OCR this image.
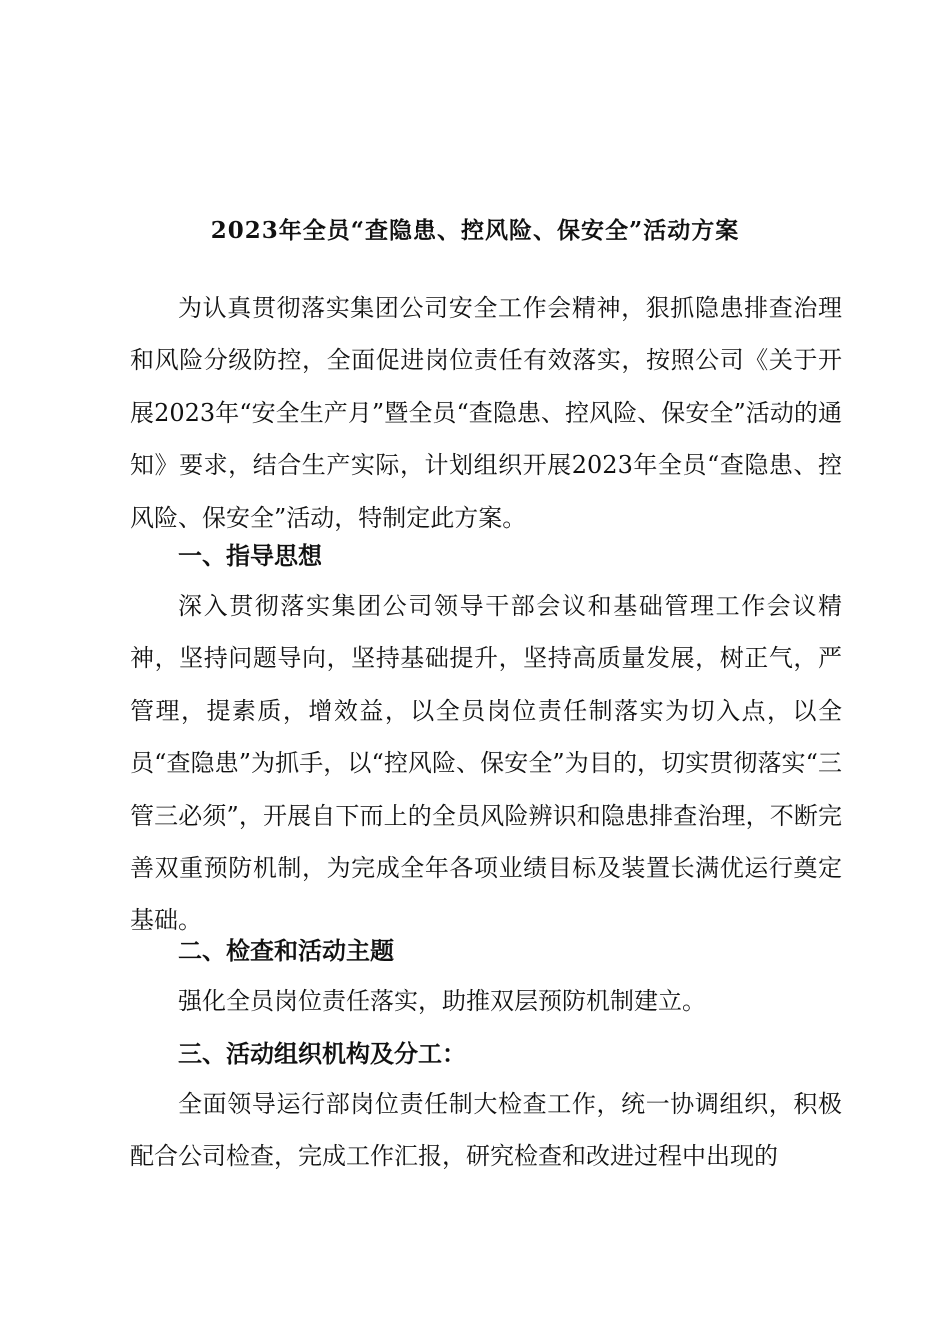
2023年全员“查隐患、控风险、保安全”活动方案
为认真贯彻落实集团公司安全工作会精神，狠抓隐患排查治理和风险分级防控，全面促进岗位责任有效落实，按照公司《关于开展2023年“安全生产月”暨全员“查隐患、控风险、保安全”活动的通知》要求，结合生产实际，计划组织开展2023年全员“查隐患、控风险、保安全”活动，特制定此方案。
一、指导思想
深入贯彻落实集团公司领导干部会议和基础管理工作会议精神，坚持问题导向，坚持基础提升，坚持高质量发展，树正气，严管理，提素质，增效益，以全员岗位责任制落实为切入点，以全员“查隐患”为抓手，以“控风险、保安全”为目的，切实贯彻落实“三管三必须”，开展自下而上的全员风险辨识和隐患排查治理，不断完善双重预防机制，为完成全年各项业绩目标及装置长满优运行奠定基础。
二、检查和活动主题
强化全员岗位责任落实，助推双层预防机制建立。
三、活动组织机构及分工：
全面领导运行部岗位责任制大检查工作，统一协调组织，积极配合公司检查，完成工作汇报，研究检查和改进过程中出现的
